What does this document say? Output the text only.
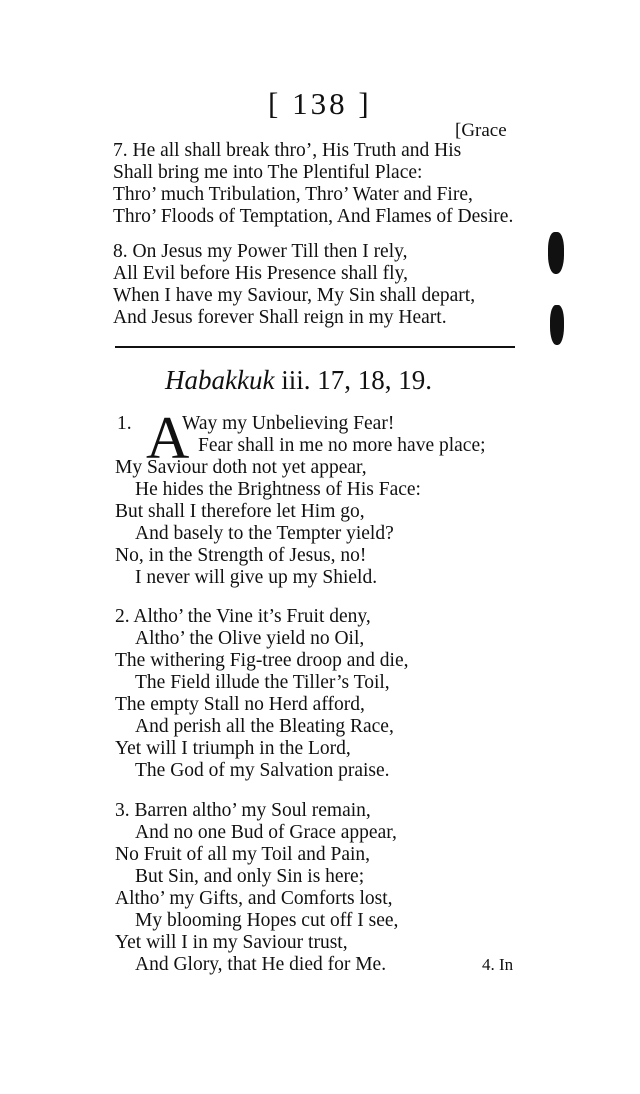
[ 138 ]
[Grace
7. He all shall break thro’, His Truth and His
Shall bring me into The Plentiful Place:
Thro’ much Tribulation, Thro’ Water and Fire,
Thro’ Floods of Temptation, And Flames of Desire.
8. On Jesus my Power Till then I rely,
All Evil before His Presence shall fly,
When I have my Saviour, My Sin shall depart,
And Jesus forever Shall reign in my Heart.
Habakkuk iii. 17, 18, 19.
1. A
Way my Unbelieving Fear!
Fear shall in me no more have place;
My Saviour doth not yet appear,
He hides the Brightness of His Face:
But shall I therefore let Him go,
And basely to the Tempter yield?
No, in the Strength of Jesus, no!
I never will give up my Shield.
2. Altho’ the Vine it’s Fruit deny,
Altho’ the Olive yield no Oil,
The withering Fig-tree droop and die,
The Field illude the Tiller’s Toil,
The empty Stall no Herd afford,
And perish all the Bleating Race,
Yet will I triumph in the Lord,
The God of my Salvation praise.
3. Barren altho’ my Soul remain,
And no one Bud of Grace appear,
No Fruit of all my Toil and Pain,
But Sin, and only Sin is here;
Altho’ my Gifts, and Comforts lost,
My blooming Hopes cut off I see,
Yet will I in my Saviour trust,
And Glory, that He died for Me.	4. In
